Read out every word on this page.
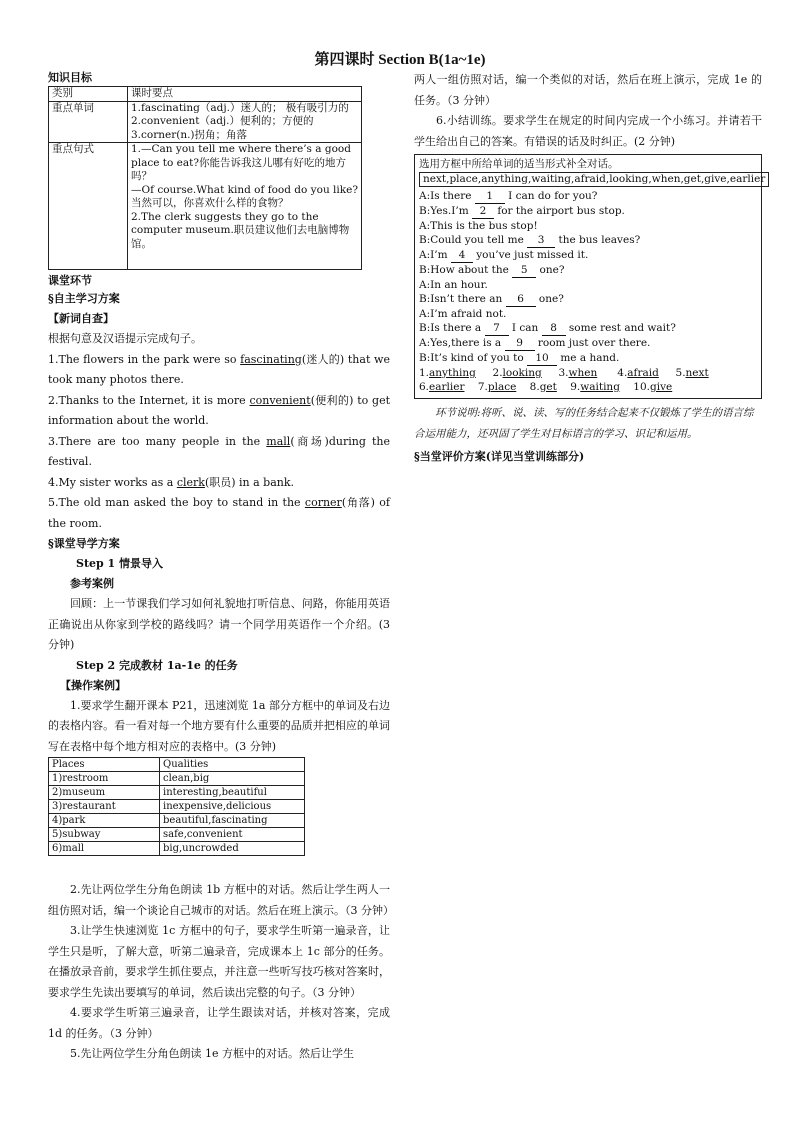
第四课时 Section B(1a~1e)
知识目标
类别	课时要点
重点单词	1.fascinating（adj.）迷人的； 极有吸引力的
2.convenient（adj.）便利的；方便的
3.corner(n.)拐角；角落

重点句式	1.—Can you tell me where there’s a good place to eat?你能告诉我这儿哪有好吃的地方吗？
—Of course.What kind of food do you like?当然可以，你喜欢什么样的食物？
2.The clerk suggests they go to the computer museum.职员建议他们去电脑博物馆。
课堂环节
§自主学习方案
【新词自查】

根据句意及汉语提示完成句子。

1.The flowers in the park were so fascinating(迷人的) that we took many photos there.

2.Thanks to the Internet, it is more convenient(便利的) to get information about the world.

3.There are too many people in the mall(商场)during the festival.

4.My sister works as a clerk(职员) in a bank.

5.The old man asked the boy to stand in the corner(角落) of the room.

§课堂导学方案
Step 1 情景导入
参考案例

回顾：上一节课我们学习如何礼貌地打听信息、问路，你能用英语正确说出从你家到学校的路线吗？请一个同学用英语作一个介绍。(3 分钟)

Step 2 完成教材 1a-1e 的任务
【操作案例】

1.要求学生翻开课本 P21，迅速浏览 1a 部分方框中的单词及右边的表格内容。看一看对每一个地方要有什么重要的品质并把相应的单词写在表格中每个地方相对应的表格中。(3 分钟)

Places	Qualities
1)restroom	clean,big
2)museum	interesting,beautiful
3)restaurant	inexpensive,delicious
4)park	beautiful,fascinating
5)subway	safe,convenient
6)mall	big,uncrowded

2.先让两位学生分角色朗读 1b 方框中的对话。然后让学生两人一组仿照对话，编一个谈论自己城市的对话。然后在班上演示。（3 分钟）

3.让学生快速浏览 1c 方框中的句子，要求学生听第一遍录音，让学生只是听，了解大意，听第二遍录音，完成课本上 1c 部分的任务。在播放录音前，要求学生抓住要点，并注意一些听写技巧核对答案时，要求学生先读出要填写的单词，然后读出完整的句子。（3 分钟）

4.要求学生听第三遍录音，让学生跟读对话，并核对答案，完成 1d 的任务。（3 分钟）

5.先让两位学生分角色朗读 1e 方框中的对话。然后让学生

两人一组仿照对话，编一个类似的对话，然后在班上演示，完成 1e 的任务。（3 分钟）

6.小结训练。要求学生在规定的时间内完成一个小练习。并请若干学生给出自己的答案。有错误的话及时纠正。(2 分钟)

选用方框中所给单词的适当形式补全对话。
next,place,anything,waiting,afraid,looking,when,get,give,earlier
A:Is there 1 I can do for you?
B:Yes.I’m 2 for the airport bus stop.
A:This is the bus stop!
B:Could you tell me 3 the bus leaves?
A:I’m 4 you’ve just missed it.
B:How about the 5 one?
A:In an hour.
B:Isn’t there an 6 one?
A:I’m afraid not.
B:Is there a 7 I can 8 some rest and wait?
A:Yes,there is a 9 room just over there.
B:It’s kind of you to 10 me a hand.
1.anything 2.looking 3.when 4.afraid 5.next
6.earlier 7.place 8.get 9.waiting 10.give

环节说明:将听、说、读、写的任务结合起来不仅锻炼了学生的语言综合运用能力，还巩固了学生对目标语言的学习、识记和运用。

§当堂评价方案(详见当堂训练部分)
